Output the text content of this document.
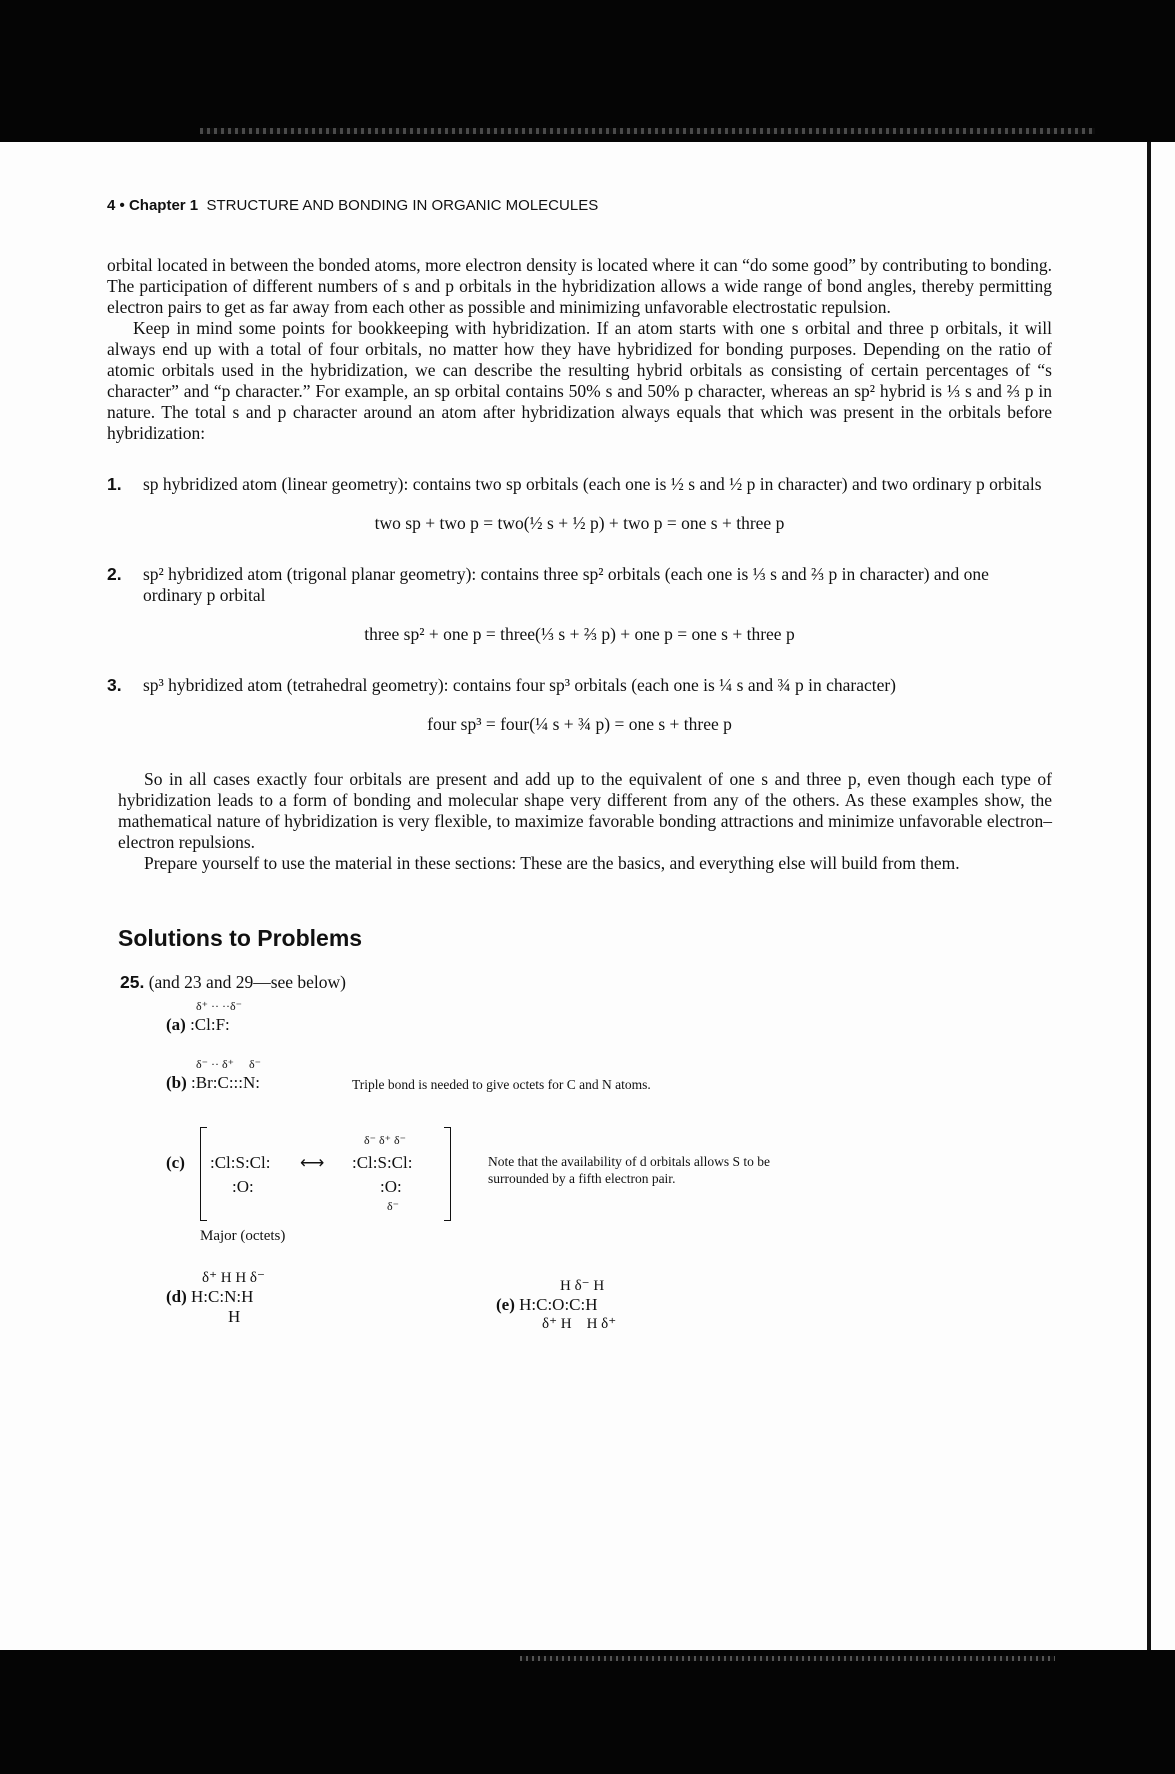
4 • Chapter 1 STRUCTURE AND BONDING IN ORGANIC MOLECULES

orbital located in between the bonded atoms, more electron density is located where it can “do some good” by contributing to bonding. The participation of different numbers of s and p orbitals in the hybridization allows a wide range of bond angles, thereby permitting electron pairs to get as far away from each other as possible and minimizing unfavorable electrostatic repulsion.

Keep in mind some points for bookkeeping with hybridization. If an atom starts with one s orbital and three p orbitals, it will always end up with a total of four orbitals, no matter how they have hybridized for bonding purposes. Depending on the ratio of atomic orbitals used in the hybridization, we can describe the resulting hybrid orbitals as consisting of certain percentages of “s character” and “p character.” For example, an sp orbital contains 50% s and 50% p character, whereas an sp² hybrid is ⅓ s and ⅔ p in nature. The total s and p character around an atom after hybridization always equals that which was present in the orbitals before hybridization:

1. sp hybridized atom (linear geometry): contains two sp orbitals (each one is ½ s and ½ p in character) and two ordinary p orbitals
two sp + two p = two(½ s + ½ p) + two p = one s + three p
2. sp² hybridized atom (trigonal planar geometry): contains three sp² orbitals (each one is ⅓ s and ⅔ p in character) and one ordinary p orbital
three sp² + one p = three(⅓ s + ⅔ p) + one p = one s + three p
3. sp³ hybridized atom (tetrahedral geometry): contains four sp³ orbitals (each one is ¼ s and ¾ p in character)
four sp³ = four(¼ s + ¾ p) = one s + three p

So in all cases exactly four orbitals are present and add up to the equivalent of one s and three p, even though each type of hybridization leads to a form of bonding and molecular shape very different from any of the others. As these examples show, the mathematical nature of hybridization is very flexible, to maximize favorable bonding attractions and minimize unfavorable electron–electron repulsions.

Prepare yourself to use the material in these sections: These are the basics, and everything else will build from them.

Solutions to Problems
25. (and 23 and 29—see below)
δ⁺ ·· ··δ⁻
(a) :Cl:F:
δ⁻ ·· δ⁺     δ⁻
(b) :Br:C:::N:	Triple bond is needed to give octets for C and N atoms.
(c) :Cl:S:Cl:
:O:
⟷
δ⁻ δ⁺ δ⁻
:Cl:S:Cl:
:O:
δ⁻
Major (octets)
Note that the availability of d orbitals allows S to be surrounded by a fifth electron pair.
δ⁺ H H δ⁻
(d) H:C:N:H
H
H δ⁻ H
(e) H:C:O:C:H
δ⁺ H    H δ⁺
